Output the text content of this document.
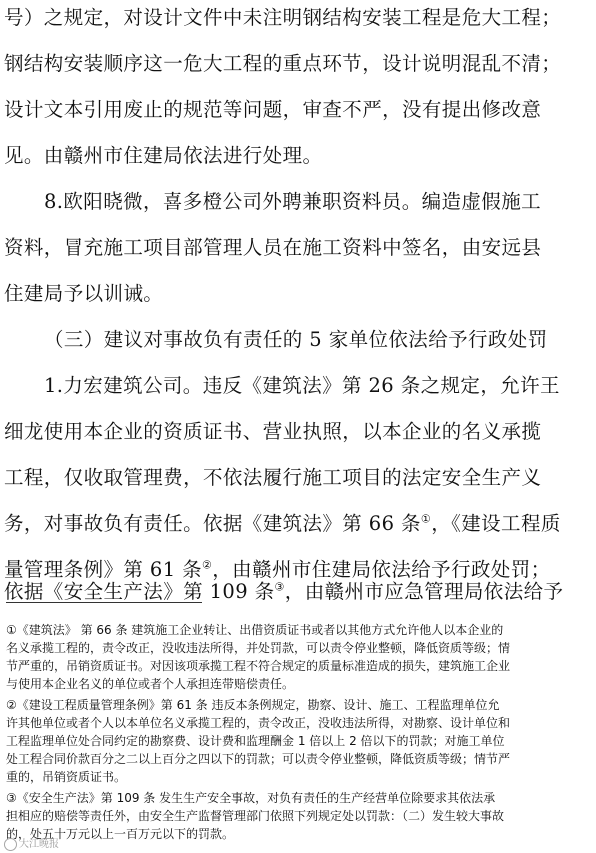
号）之规定，对设计文件中未注明钢结构安装工程是危大工程；
钢结构安装顺序这一危大工程的重点环节，设计说明混乱不清；
设计文本引用废止的规范等问题，审查不严，没有提出修改意
见。由赣州市住建局依法进行处理。
8.欧阳晓微，喜多橙公司外聘兼职资料员。编造虚假施工
资料，冒充施工项目部管理人员在施工资料中签名，由安远县
住建局予以训诫。
（三）建议对事故负有责任的 5 家单位依法给予行政处罚
1.力宏建筑公司。违反《建筑法》第 26 条之规定，允许王
细龙使用本企业的资质证书、营业执照，以本企业的名义承揽
工程，仅收取管理费，不依法履行施工项目的法定安全生产义
务，对事故负有责任。依据《建筑法》第 66 条①，《建设工程质
量管理条例》第 61 条②，由赣州市住建局依法给予行政处罚；
依据《安全生产法》第 109 条③，由赣州市应急管理局依法给予
①《建筑法》 第 66 条 建筑施工企业转让、出借资质证书或者以其他方式允许他人以本企业的
名义承揽工程的，责令改正，没收违法所得，并处罚款，可以责令停业整顿，降低资质等级；情
节严重的，吊销资质证书。对因该项承揽工程不符合规定的质量标准造成的损失，建筑施工企业
与使用本企业名义的单位或者个人承担连带赔偿责任。
②《建设工程质量管理条例》第 61 条 违反本条例规定，勘察、设计、施工、工程监理单位允
许其他单位或者个人以本单位名义承揽工程的，责令改正，没收违法所得，对勘察、设计单位和
工程监理单位处合同约定的勘察费、设计费和监理酬金 1 倍以上 2 倍以下的罚款；对施工单位
处工程合同价款百分之二以上百分之四以下的罚款；可以责令停业整顿，降低资质等级；情节严
重的，吊销资质证书。
③《安全生产法》第 109 条 发生生产安全事故，对负有责任的生产经营单位除要求其依法承
担相应的赔偿等责任外，由安全生产监督管理部门依照下列规定处以罚款：（二）发生较大事故
的，处五十万元以上一百万元以下的罚款。
大江晚报
